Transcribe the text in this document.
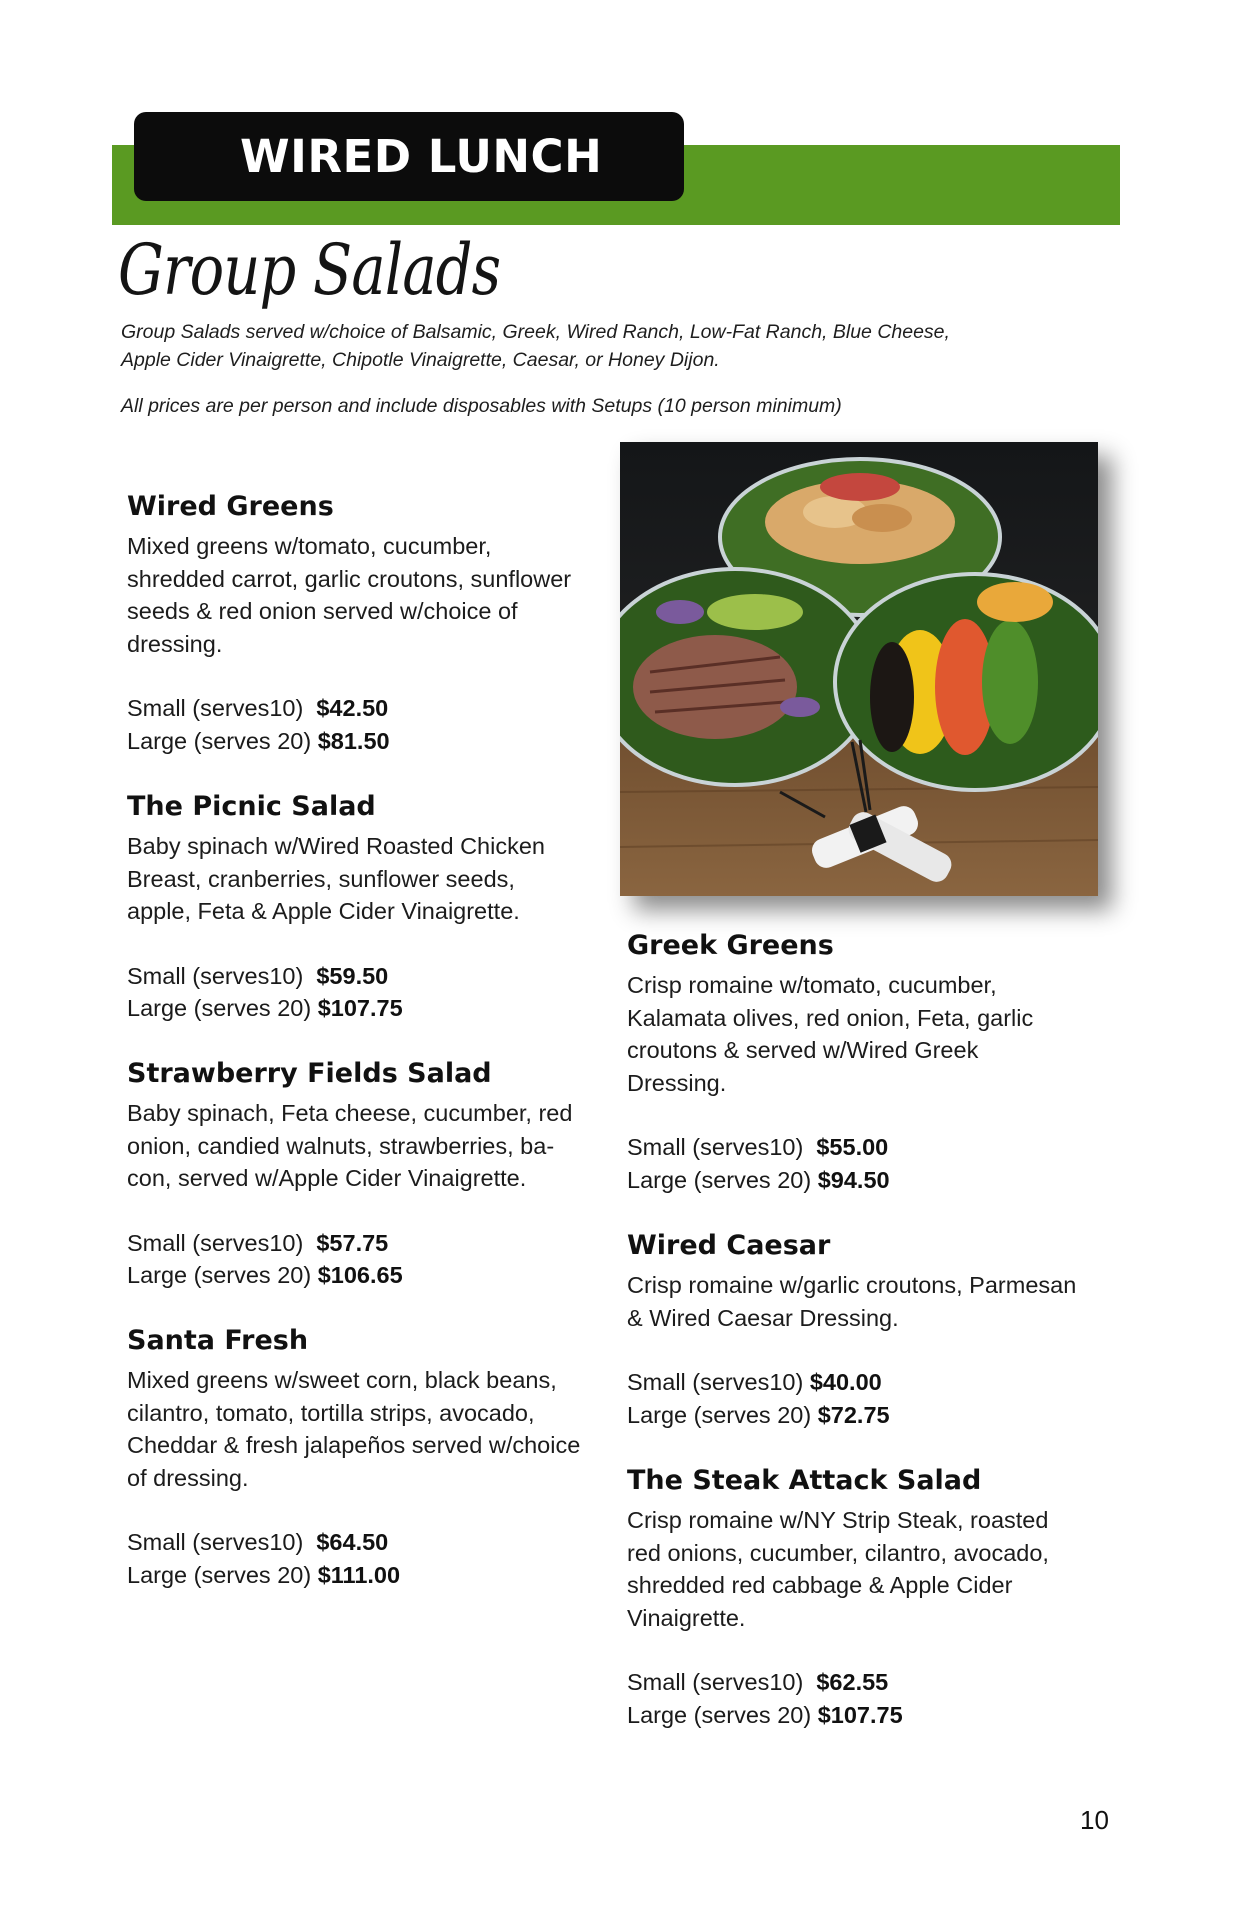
WIRED LUNCH
Group Salads
Group Salads served w/choice of Balsamic, Greek, Wired Ranch, Low-Fat Ranch, Blue Cheese,
Apple Cider Vinaigrette, Chipotle Vinaigrette, Caesar, or Honey Dijon.
All prices are per person and include disposables with Setups (10 person minimum)
Wired Greens
Mixed greens w/tomato, cucumber,
shredded carrot, garlic croutons, sunflower
seeds & red onion served w/choice of
dressing.
Small (serves10) $42.50
Large (serves 20) $81.50
The Picnic Salad
Baby spinach w/Wired Roasted Chicken
Breast, cranberries, sunflower seeds,
apple, Feta & Apple Cider Vinaigrette.
Small (serves10) $59.50
Large (serves 20) $107.75
Strawberry Fields Salad
Baby spinach, Feta cheese, cucumber, red
onion, candied walnuts, strawberries, ba-
con, served w/Apple Cider Vinaigrette.
Small (serves10) $57.75
Large (serves 20) $106.65
Santa Fresh
Mixed greens w/sweet corn, black beans,
cilantro, tomato, tortilla strips, avocado,
Cheddar & fresh jalapeños served w/choice
of dressing.
Small (serves10) $64.50
Large (serves 20) $111.00
Greek Greens
Crisp romaine w/tomato, cucumber,
Kalamata olives, red onion, Feta, garlic
croutons & served w/Wired Greek
Dressing.
Small (serves10) $55.00
Large (serves 20) $94.50
Wired Caesar
Crisp romaine w/garlic croutons, Parmesan
& Wired Caesar Dressing.
Small (serves10) $40.00
Large (serves 20) $72.75
The Steak Attack Salad
Crisp romaine w/NY Strip Steak, roasted
red onions, cucumber, cilantro, avocado,
shredded red cabbage & Apple Cider
Vinaigrette.
Small (serves10) $62.55
Large (serves 20) $107.75
10
